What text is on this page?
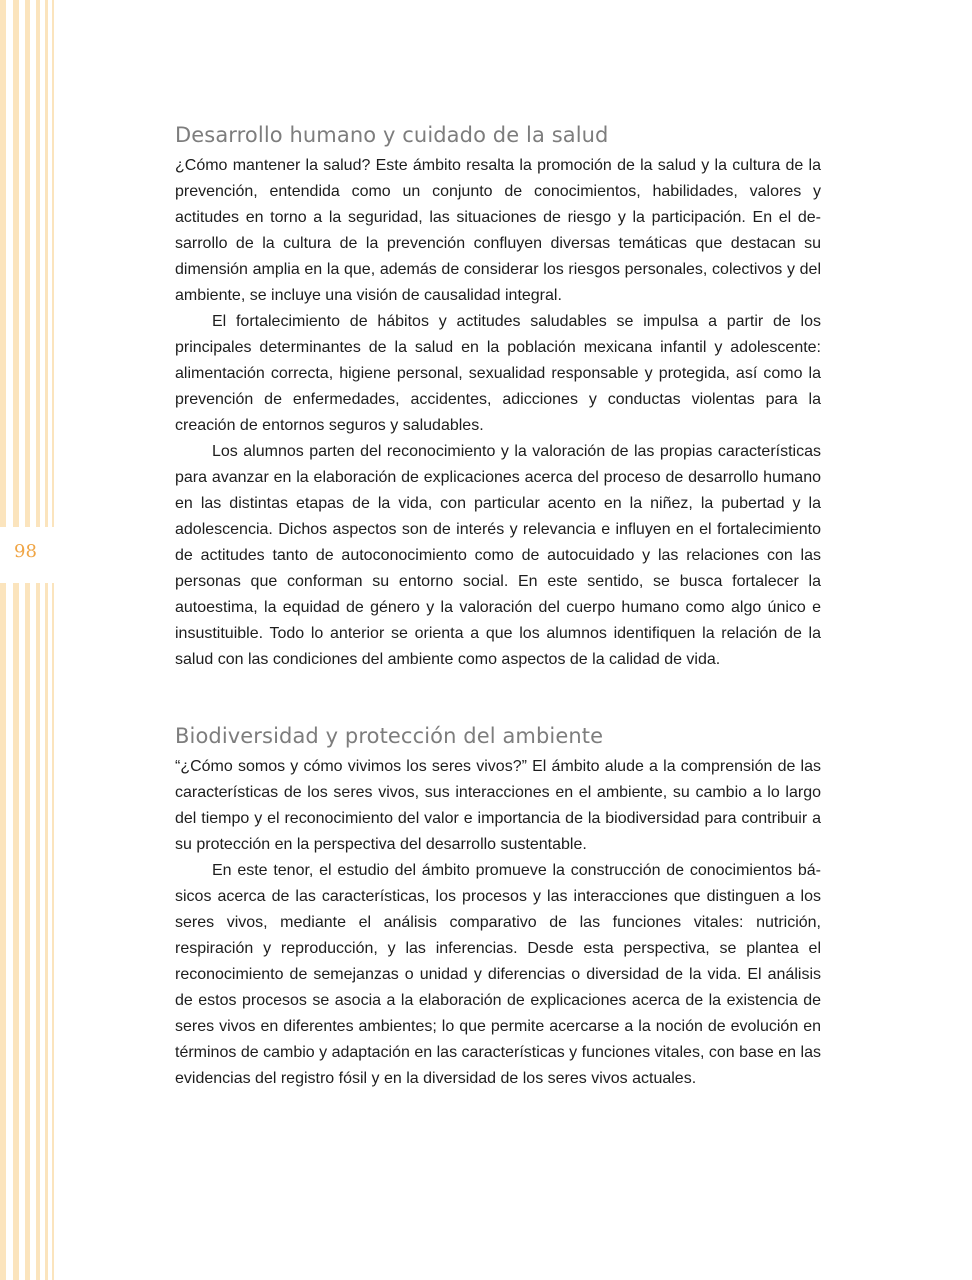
98
Desarrollo humano y cuidado de la salud

¿Cómo mantener la salud? Este ámbito resalta la promoción de la salud y la cultura de la prevención, entendida como un conjunto de conocimientos, habilidades, valores y actitudes en torno a la seguridad, las situaciones de riesgo y la participación. En el desarrollo de la cultura de la prevención confluyen diversas temáticas que destacan su dimensión amplia en la que, además de considerar los riesgos personales, colectivos y del ambiente, se incluye una visión de causalidad integral.

El fortalecimiento de hábitos y actitudes saludables se impulsa a partir de los principales determinantes de la salud en la población mexicana infantil y adolescente: alimentación correcta, higiene personal, sexualidad responsable y protegida, así como la prevención de enfermedades, accidentes, adicciones y conductas violentas para la creación de entornos seguros y saludables.

Los alumnos parten del reconocimiento y la valoración de las propias características para avanzar en la elaboración de explicaciones acerca del proceso de desarrollo humano en las distintas etapas de la vida, con particular acento en la niñez, la pubertad y la adolescencia. Dichos aspectos son de interés y relevancia e influyen en el fortalecimiento de actitudes tanto de autoconocimiento como de autocuidado y las relaciones con las personas que conforman su entorno social. En este sentido, se busca fortalecer la autoestima, la equidad de género y la valoración del cuerpo humano como algo único e insustituible. Todo lo anterior se orienta a que los alumnos identifiquen la relación de la salud con las condiciones del ambiente como aspectos de la calidad de vida.

Biodiversidad y protección del ambiente

“¿Cómo somos y cómo vivimos los seres vivos?” El ámbito alude a la comprensión de las características de los seres vivos, sus interacciones en el ambiente, su cambio a lo largo del tiempo y el reconocimiento del valor e importancia de la biodiversidad para contribuir a su protección en la perspectiva del desarrollo sustentable.

En este tenor, el estudio del ámbito promueve la construcción de conocimientos básicos acerca de las características, los procesos y las interacciones que distinguen a los seres vivos, mediante el análisis comparativo de las funciones vitales: nutrición, respiración y reproducción, y las inferencias. Desde esta perspectiva, se plantea el reconocimiento de semejanzas o unidad y diferencias o diversidad de la vida. El análisis de estos procesos se asocia a la elaboración de explicaciones acerca de la existencia de seres vivos en diferentes ambientes; lo que permite acercarse a la noción de evolución en términos de cambio y adaptación en las características y funciones vitales, con base en las evidencias del registro fósil y en la diversidad de los seres vivos actuales.
